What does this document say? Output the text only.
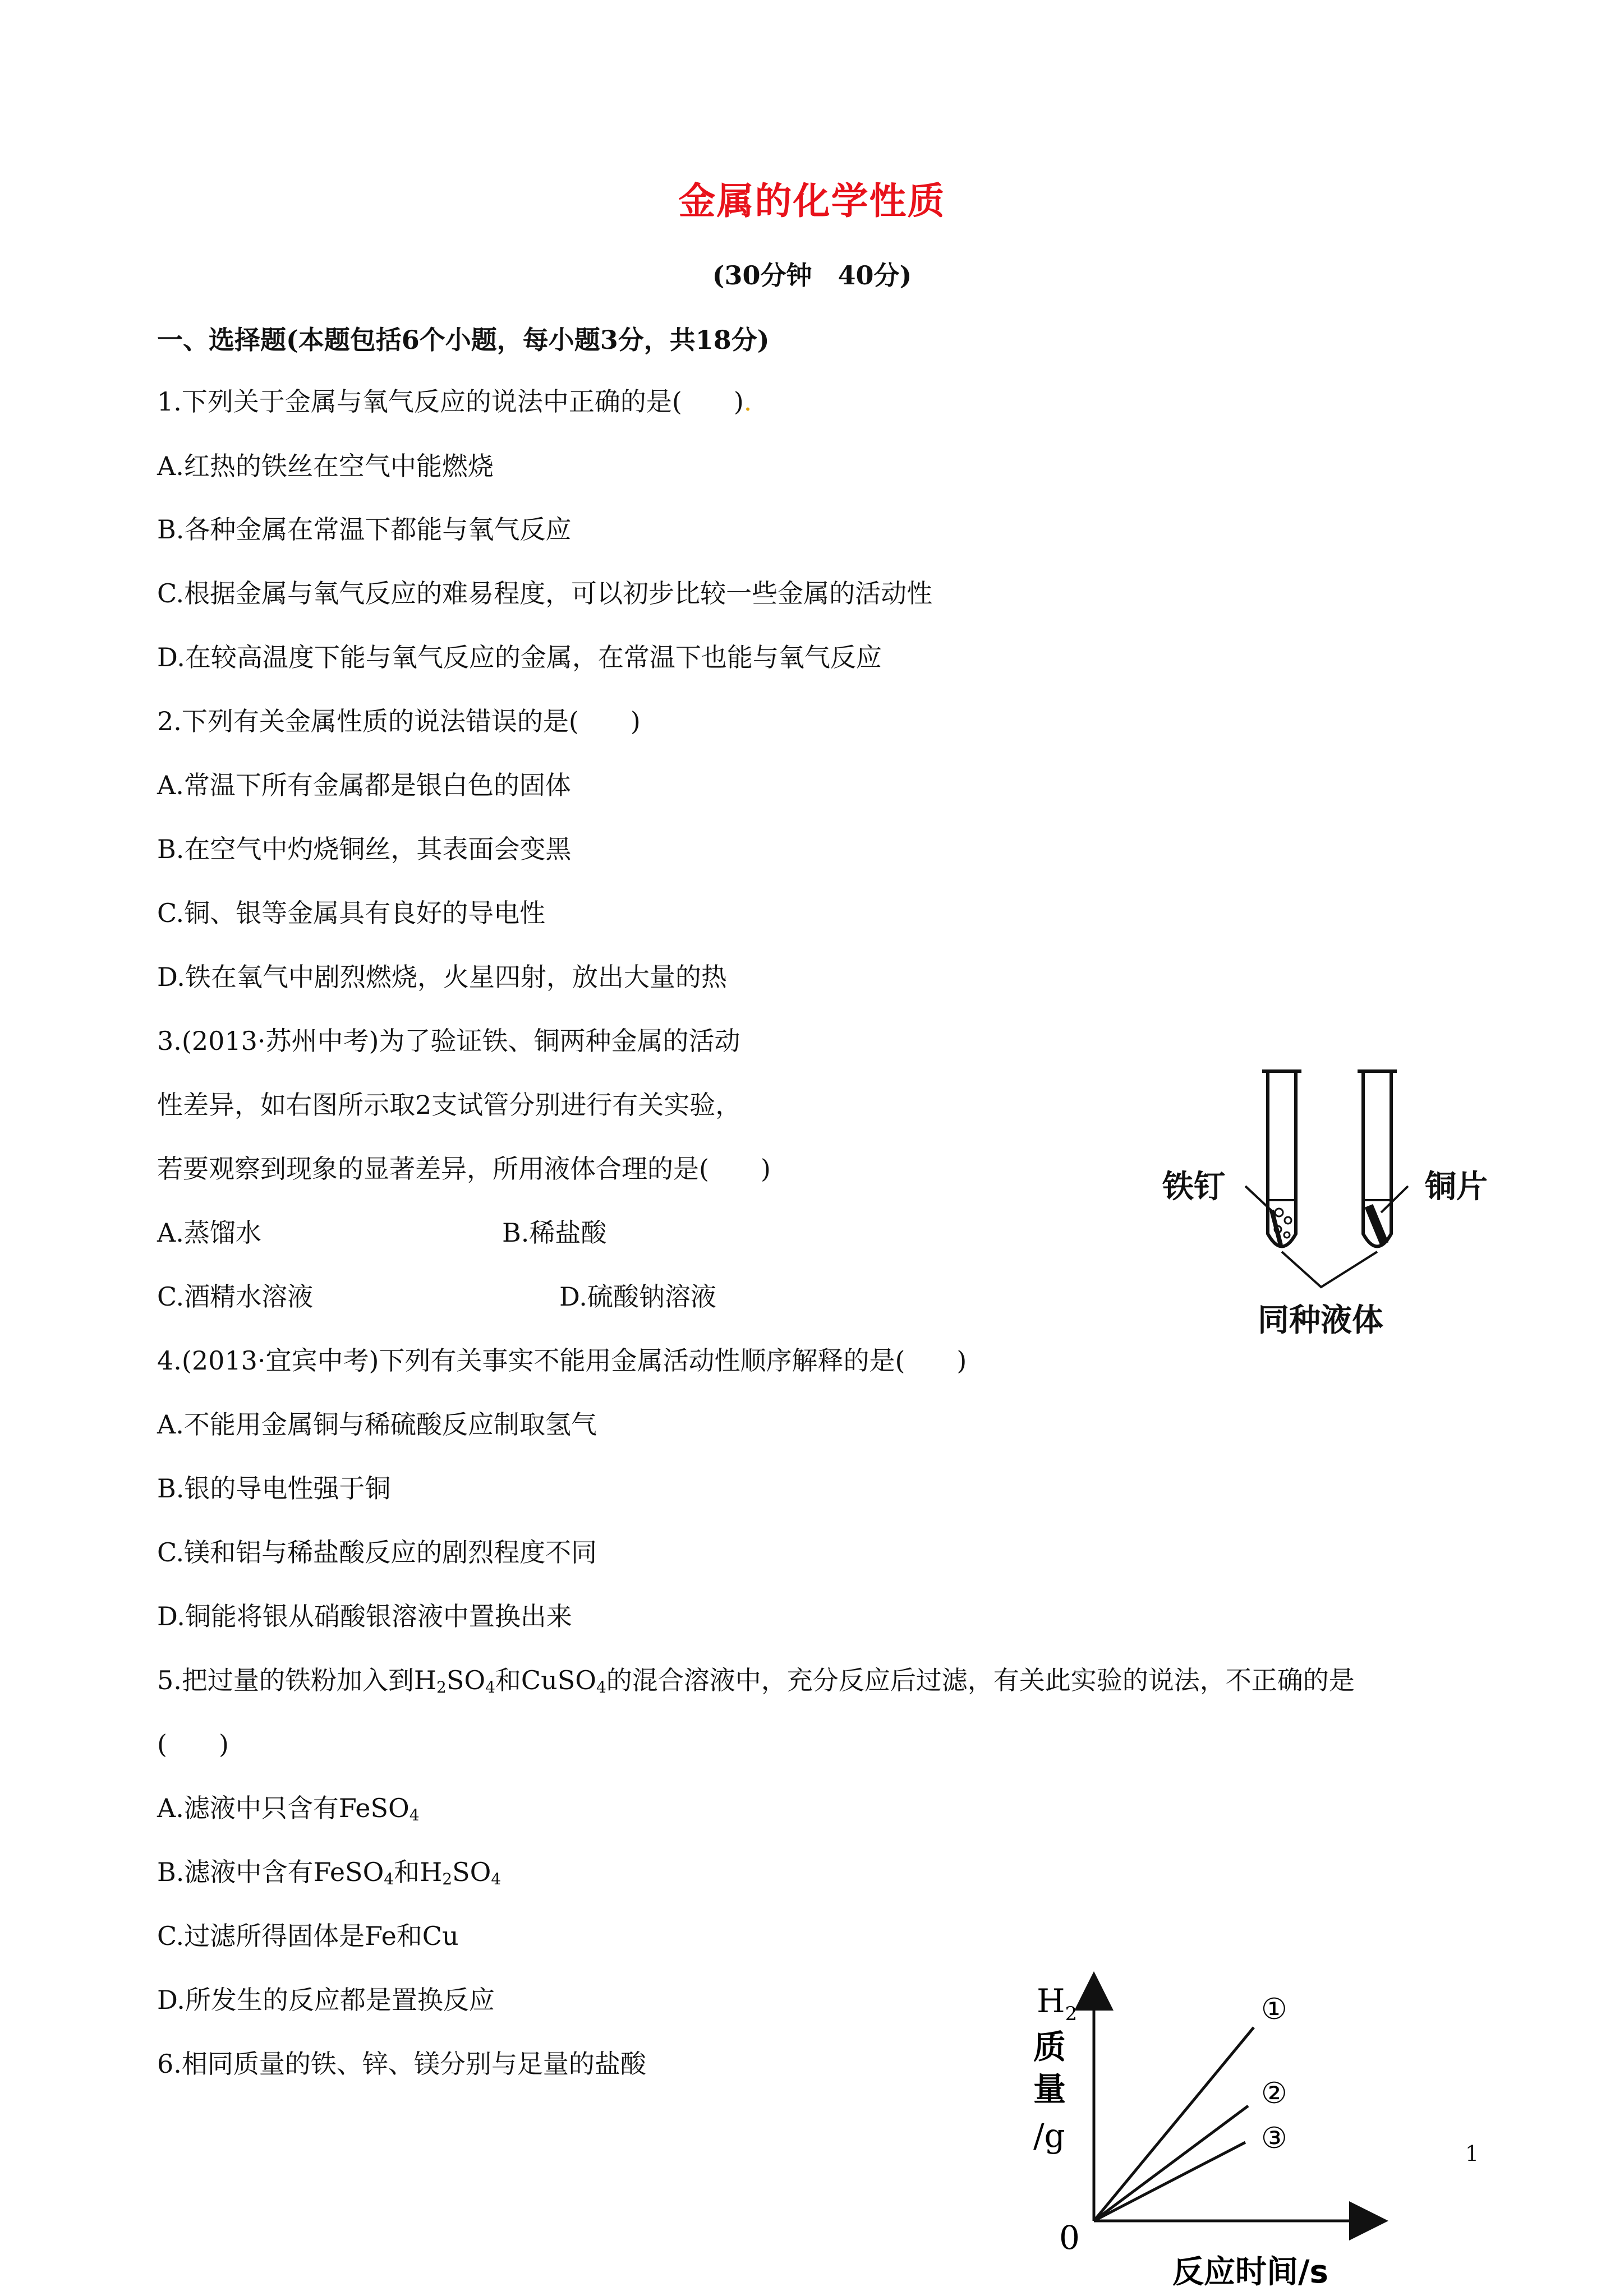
金属的化学性质
(30分钟　40分)
一、选择题(本题包括6个小题，每小题3分，共18分)
1.下列关于金属与氧气反应的说法中正确的是(　　).
A.红热的铁丝在空气中能燃烧
B.各种金属在常温下都能与氧气反应
C.根据金属与氧气反应的难易程度，可以初步比较一些金属的活动性
D.在较高温度下能与氧气反应的金属，在常温下也能与氧气反应
2.下列有关金属性质的说法错误的是(　　)
A.常温下所有金属都是银白色的固体
B.在空气中灼烧铜丝，其表面会变黑
C.铜、银等金属具有良好的导电性
D.铁在氧气中剧烈燃烧，火星四射，放出大量的热
3.(2013·苏州中考)为了验证铁、铜两种金属的活动
性差异，如右图所示取2支试管分别进行有关实验，
若要观察到现象的显著差异，所用液体合理的是(　　)
A.蒸馏水	B.稀盐酸
C.酒精水溶液	D.硫酸钠溶液
铁钉	铜片
同种液体
4.(2013·宜宾中考)下列有关事实不能用金属活动性顺序解释的是(　　)
A.不能用金属铜与稀硫酸反应制取氢气
B.银的导电性强于铜
C.镁和铝与稀盐酸反应的剧烈程度不同
D.铜能将银从硝酸银溶液中置换出来
5.把过量的铁粉加入到$H_2SO_4$和CuSO$_4$的混合溶液中，充分反应后过滤，有关此实验的说法，不正确的是
(　　)
A.滤液中只含有FeSO$_4$
B.滤液中含有FeSO$_4$和$H_2SO_4$
C.过滤所得固体是Fe和Cu
D.所发生的反应都是置换反应
6.相同质量的铁、锌、镁分别与足量的盐酸
①
②
③
0
$H_2$
质
量
/g
反应时间/s
1
